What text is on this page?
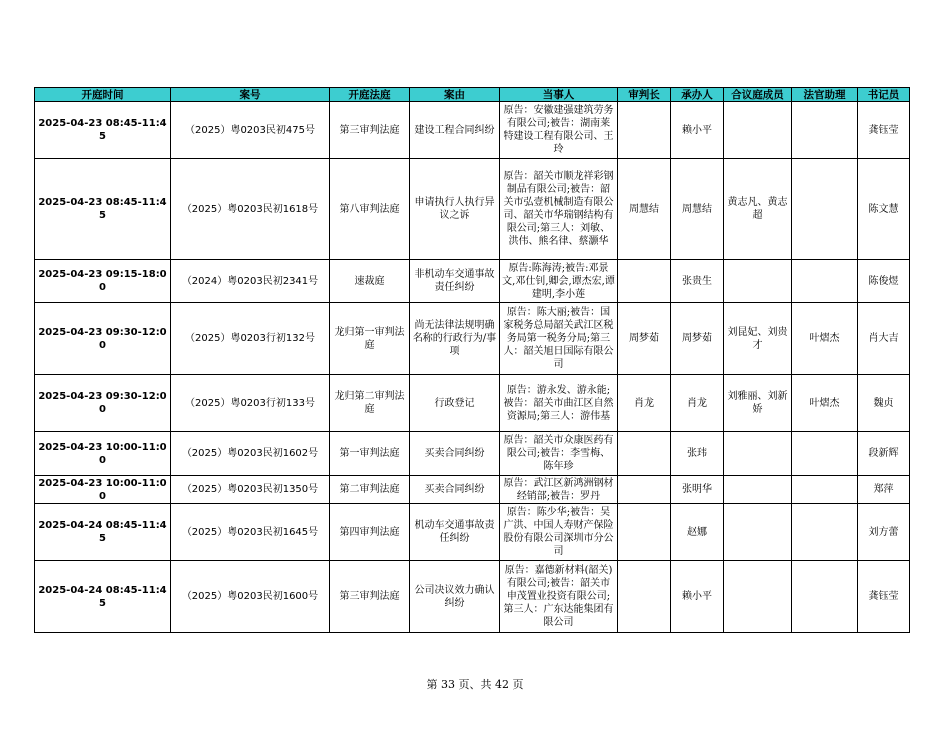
开庭时间	案号	开庭法庭	案由	当事人	审判长	承办人	合议庭成员	法官助理	书记员
2025-04-23 08:45-11:45	（2025）粤0203民初475号	第三审判法庭	建设工程合同纠纷	原告：安徽建强建筑劳务有限公司;被告：湖南莱特建设工程有限公司、王玲		赖小平			龚钰莹
2025-04-23 08:45-11:45	（2025）粤0203民初1618号	第八审判法庭	申请执行人执行异议之诉	原告：韶关市顺龙祥彩钢制品有限公司;被告：韶关市弘壹机械制造有限公司、韶关市华瑞钢结构有限公司;第三人：刘敏、洪伟、熊名律、蔡灏华	周慧结	周慧结	黄志凡、黄志超		陈文慧
2025-04-23 09:15-18:00	（2024）粤0203民初2341号	速裁庭	非机动车交通事故责任纠纷	原告:陈海涛;被告:邓景文,邓仕钊,卿会,谭杰宏,谭建明,李小莲		张贵生			陈俊煜
2025-04-23 09:30-12:00	（2025）粤0203行初132号	龙归第一审判法庭	尚无法律法规明确名称的行政行为/事项	原告：陈大丽;被告：国家税务总局韶关武江区税务局第一税务分局;第三人：韶关旭日国际有限公司	周梦茹	周梦茹	刘昆妃、刘贵才	叶熠杰	肖大吉
2025-04-23 09:30-12:00	（2025）粤0203行初133号	龙归第二审判法庭	行政登记	原告：游永发、游永能;被告：韶关市曲江区自然资源局;第三人：游伟基	肖龙	肖龙	刘雅丽、刘新娇	叶熠杰	魏贞
2025-04-23 10:00-11:00	（2025）粤0203民初1602号	第一审判法庭	买卖合同纠纷	原告：韶关市众康医药有限公司;被告：李雪梅、陈年珍		张玮			段新辉
2025-04-23 10:00-11:00	（2025）粤0203民初1350号	第二审判法庭	买卖合同纠纷	原告：武江区新鸿洲钢材经销部;被告：罗丹		张明华			郑萍
2025-04-24 08:45-11:45	（2025）粤0203民初1645号	第四审判法庭	机动车交通事故责任纠纷	原告：陈少华;被告：吴广洪、中国人寿财产保险股份有限公司深圳市分公司		赵娜			刘方蕾
2025-04-24 08:45-11:45	（2025）粤0203民初1600号	第三审判法庭	公司决议效力确认纠纷	原告：嘉德新材料(韶关)有限公司;被告：韶关市申茂置业投资有限公司;第三人：广东达能集团有限公司		赖小平			龚钰莹
第 33 页、共 42 页
